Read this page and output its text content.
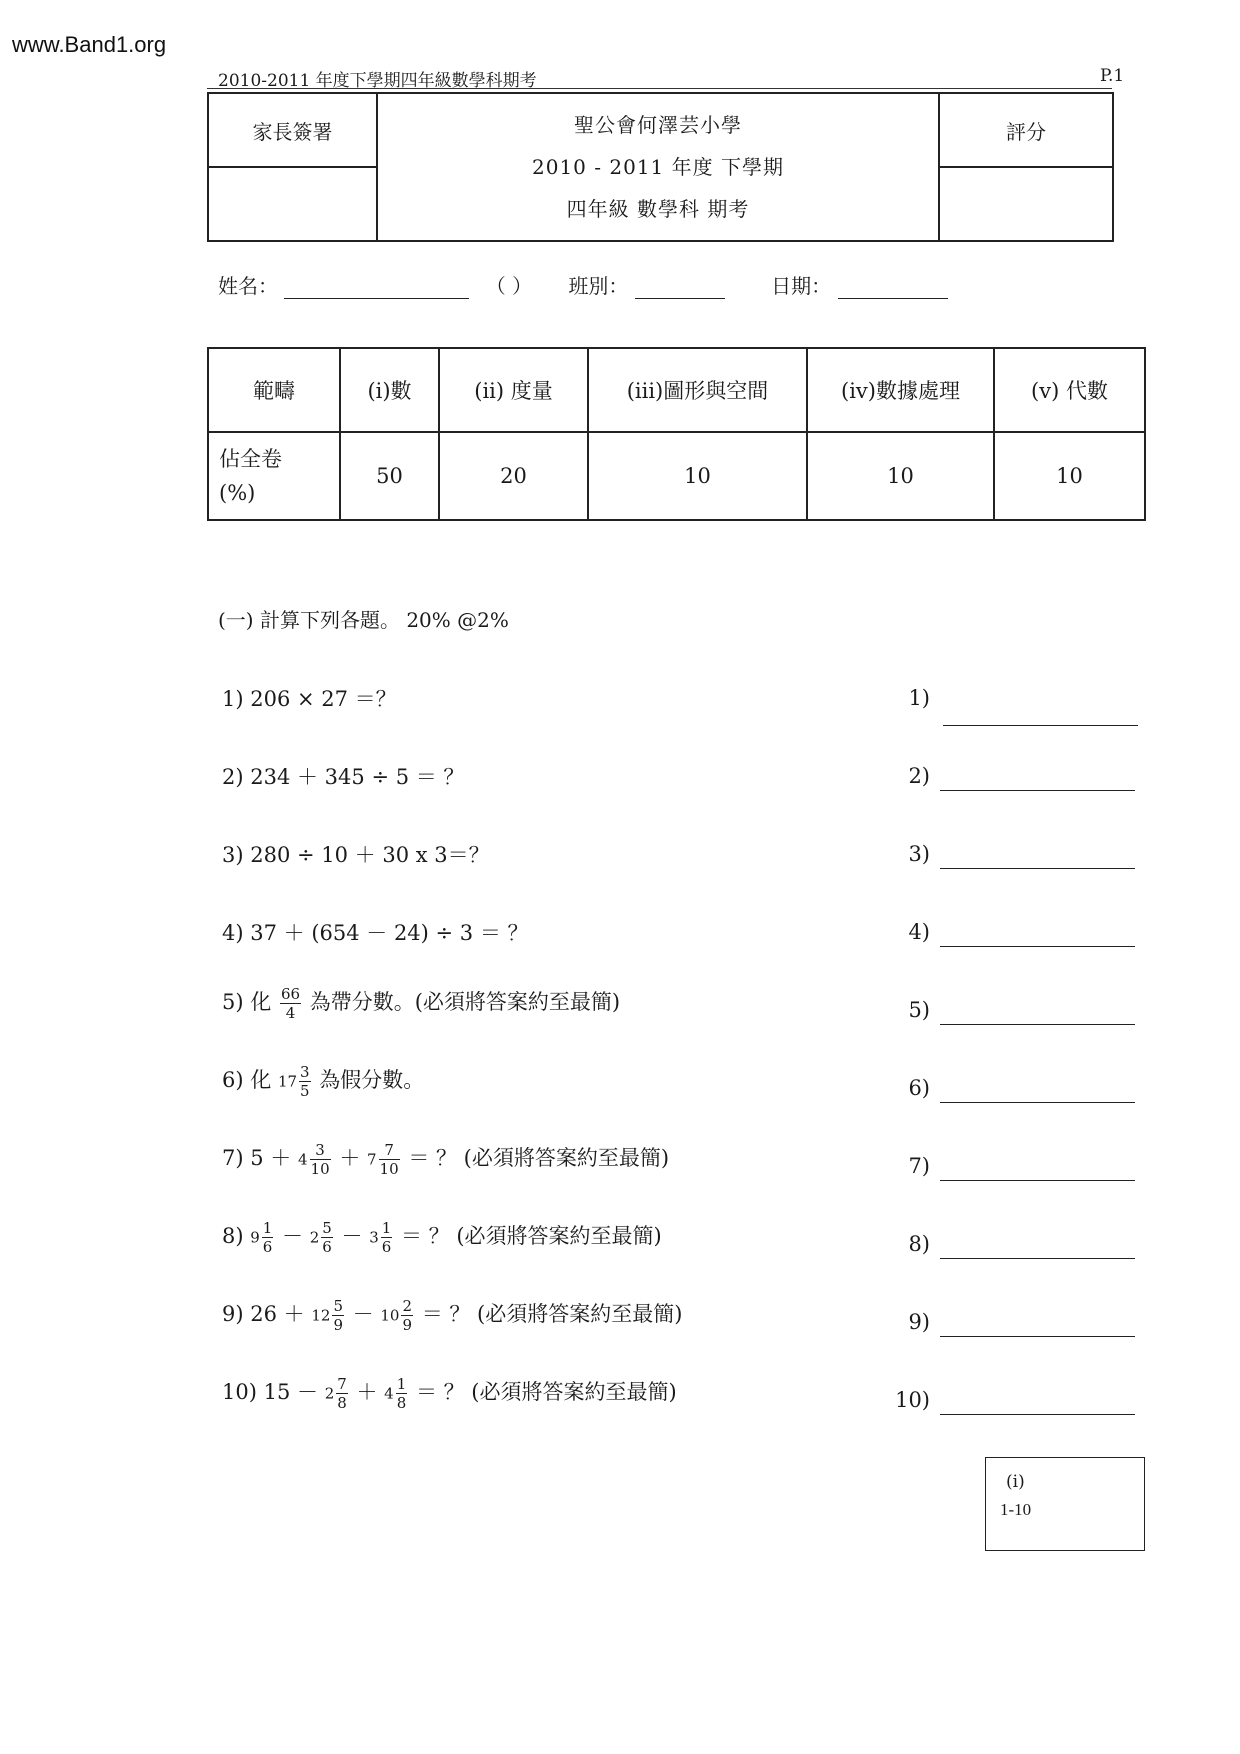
www.Band1.org
2010-2011 年度下學期四年級數學科期考	P.1
家長簽署	聖公會何澤芸小學
2010 - 2011 年度 下學期
四年級 數學科 期考	評分

姓名：	（ ） 班別：	日期：
範疇	(i)數	(ii) 度量	(iii)圖形與空間	(iv)數據處理	(v) 代數

佔全卷
(%)	50	20	10	10	10
(一) 計算下列各題。 20% @2%
1) 206 × 27 ＝？
2) 234 ＋ 345 ÷ 5 ＝ ？
3) 280 ÷ 10 ＋ 30 x 3＝？
4) 37 ＋ (654 － 24) ÷ 3 ＝ ？
5) 化 $\frac{66}{4}$ 為帶分數。(必須將答案約至最簡)
6) 化 $17 \frac{3}{5}$ 為假分數。
7) $5 + 4 \frac{3}{10} + 7 \frac{7}{10}$ ＝ ？ (必須將答案約至最簡)
8) $9 \frac{1}{6} - 2 \frac{5}{6} - 3 \frac{1}{6}$ ＝ ？ (必須將答案約至最簡)
9) $26 + 12 \frac{5}{9} - 10 \frac{2}{9}$ ＝ ？ (必須將答案約至最簡)
10) $15 - 2 \frac{7}{8} + 4 \frac{1}{8}$ ＝ ？ (必須將答案約至最簡)
1)
2)
3)
4)
5)
6)
7)
8)
9)
10)
(i)
1-10
